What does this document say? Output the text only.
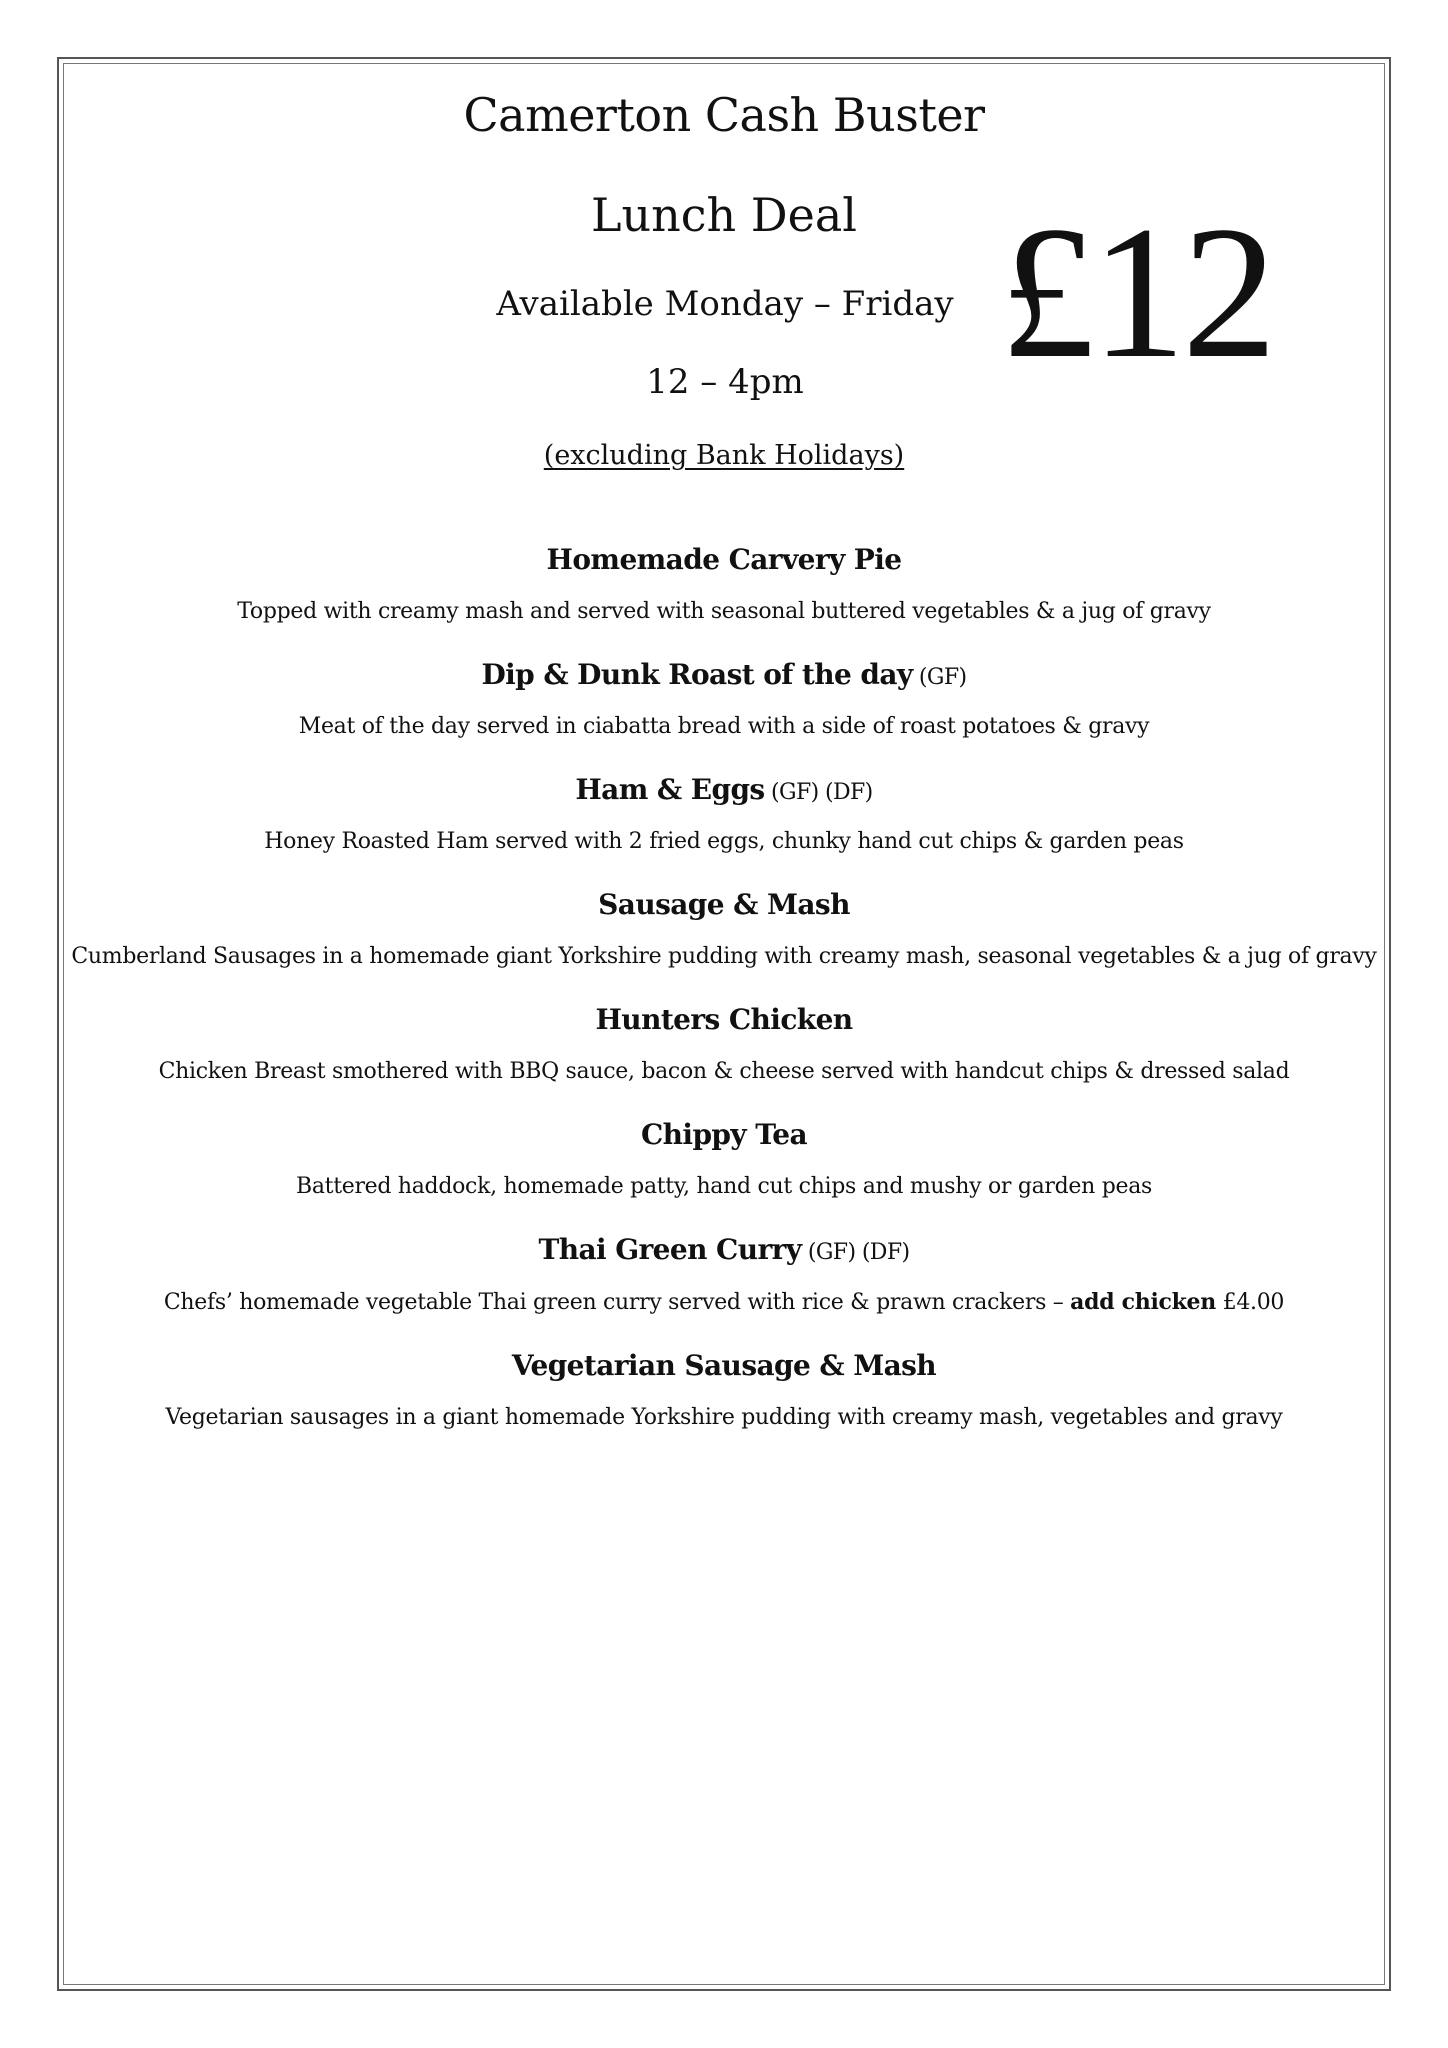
Camerton Cash Buster
Lunch Deal
Available Monday – Friday
12 – 4pm
(excluding Bank Holidays)
£12

Homemade Carvery Pie

Topped with creamy mash and served with seasonal buttered vegetables & a jug of gravy

Dip & Dunk Roast of the day (GF)

Meat of the day served in ciabatta bread with a side of roast potatoes & gravy

Ham & Eggs (GF) (DF)

Honey Roasted Ham served with 2 fried eggs, chunky hand cut chips & garden peas

Sausage & Mash

Cumberland Sausages in a homemade giant Yorkshire pudding with creamy mash, seasonal vegetables & a jug of gravy

Hunters Chicken

Chicken Breast smothered with BBQ sauce, bacon & cheese served with handcut chips & dressed salad

Chippy Tea

Battered haddock, homemade patty, hand cut chips and mushy or garden peas

Thai Green Curry (GF) (DF)

Chefs’ homemade vegetable Thai green curry served with rice & prawn crackers – add chicken £4.00

Vegetarian Sausage & Mash

Vegetarian sausages in a giant homemade Yorkshire pudding with creamy mash, vegetables and gravy
